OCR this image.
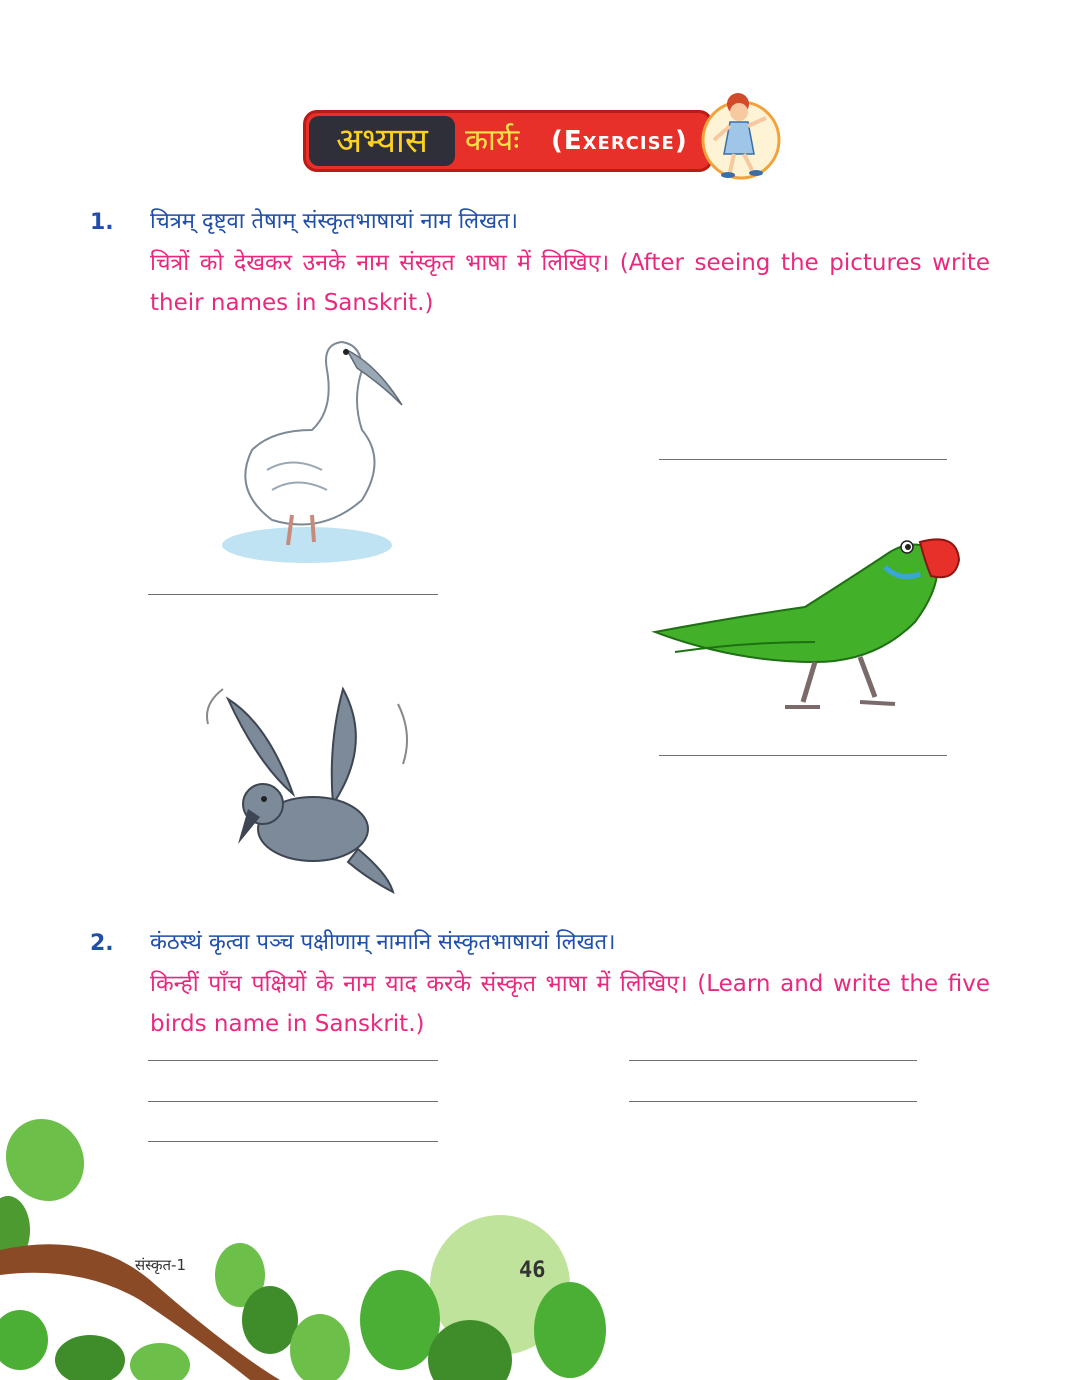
अभ्यास	कार्यः (Exercise)
1. चित्रम् दृष्ट्वा तेषाम् संस्कृतभाषायां नाम लिखत।
चित्रों को देखकर उनके नाम संस्कृत भाषा में लिखिए। (After seeing the pictures write their names in Sanskrit.)
2. कंठस्थं कृत्वा पञ्च पक्षीणाम् नामानि संस्कृतभाषायां लिखत।
किन्हीं पाँच पक्षियों के नाम याद करके संस्कृत भाषा में लिखिए। (Learn and write the five birds name in Sanskrit.)
संस्कृत-1	46
